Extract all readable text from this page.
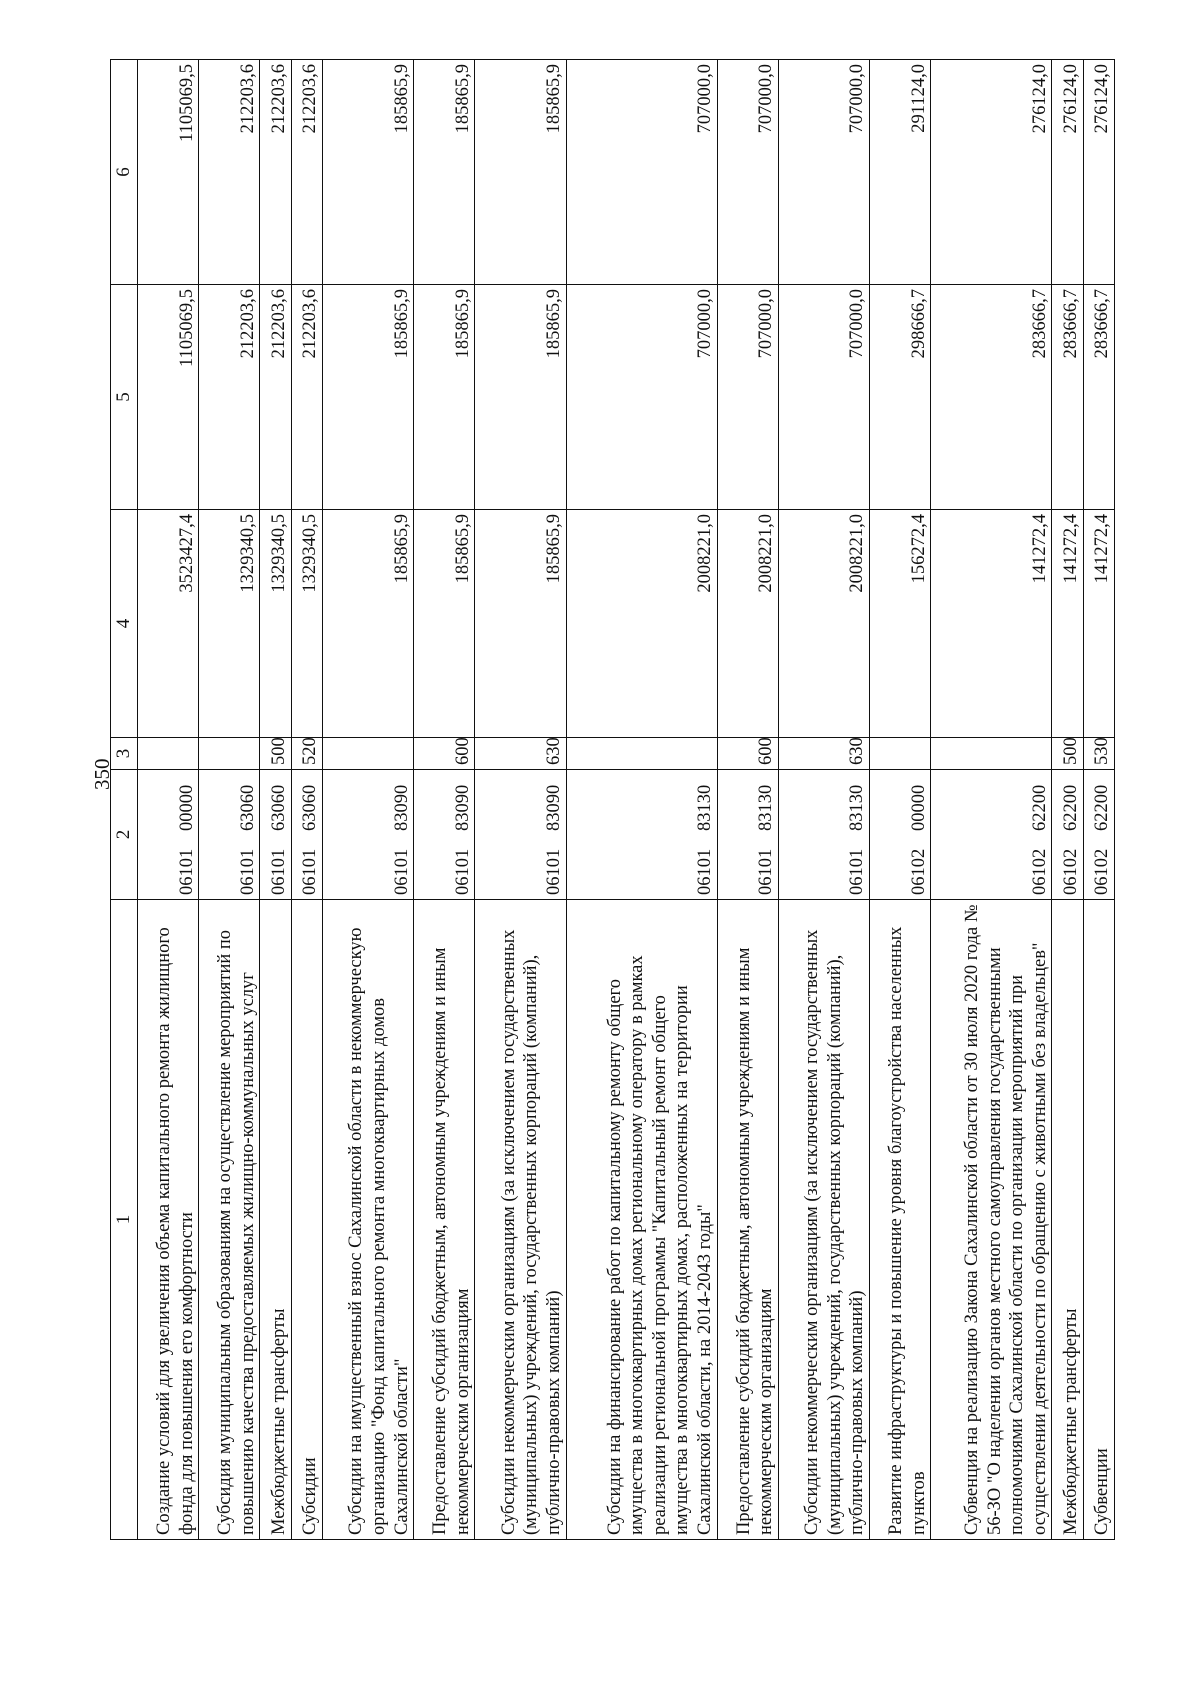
350
1	2	3	4	5	6
Создание условий для увеличения объема капитального ремонта жилищного фонда для повышения его комфортности	0610100000		3523427,4	1105069,5	1105069,5
Субсидия муниципальным образованиям на осуществление мероприятий по повышению качества предоставляемых жилищно-коммунальных услуг	0610163060		1329340,5	212203,6	212203,6
Межбюджетные трансферты	0610163060	500	1329340,5	212203,6	212203,6
Субсидии	0610163060	520	1329340,5	212203,6	212203,6
Субсидии на имущественный взнос Сахалинской области в некоммерческую организацию "Фонд капитального ремонта многоквартирных домов Сахалинской области"	0610183090		185865,9	185865,9	185865,9
Предоставление субсидий бюджетным, автономным учреждениям и иным некоммерческим организациям	0610183090	600	185865,9	185865,9	185865,9
Субсидии некоммерческим организациям (за исключением государственных (муниципальных) учреждений, государственных корпораций (компаний), публично-правовых компаний)	0610183090	630	185865,9	185865,9	185865,9
Субсидии на финансирование работ по капитальному ремонту общего имущества в многоквартирных домах региональному оператору в рамках реализации региональной программы "Капитальный ремонт общего имущества в многоквартирных домах, расположенных на территории Сахалинской области, на 2014-2043 годы"	0610183130		2008221,0	707000,0	707000,0
Предоставление субсидий бюджетным, автономным учреждениям и иным некоммерческим организациям	0610183130	600	2008221,0	707000,0	707000,0
Субсидии некоммерческим организациям (за исключением государственных (муниципальных) учреждений, государственных корпораций (компаний), публично-правовых компаний)	0610183130	630	2008221,0	707000,0	707000,0
Развитие инфраструктуры и повышение уровня благоустройства населенных пунктов	0610200000		156272,4	298666,7	291124,0
Субвенция на реализацию Закона Сахалинской области от 30 июля 2020 года № 56-ЗО "О наделении органов местного самоуправления государственными полномочиями Сахалинской области по организации мероприятий при осуществлении деятельности по обращению с животными без владельцев"	0610262200		141272,4	283666,7	276124,0
Межбюджетные трансферты	0610262200	500	141272,4	283666,7	276124,0
Субвенции	0610262200	530	141272,4	283666,7	276124,0
